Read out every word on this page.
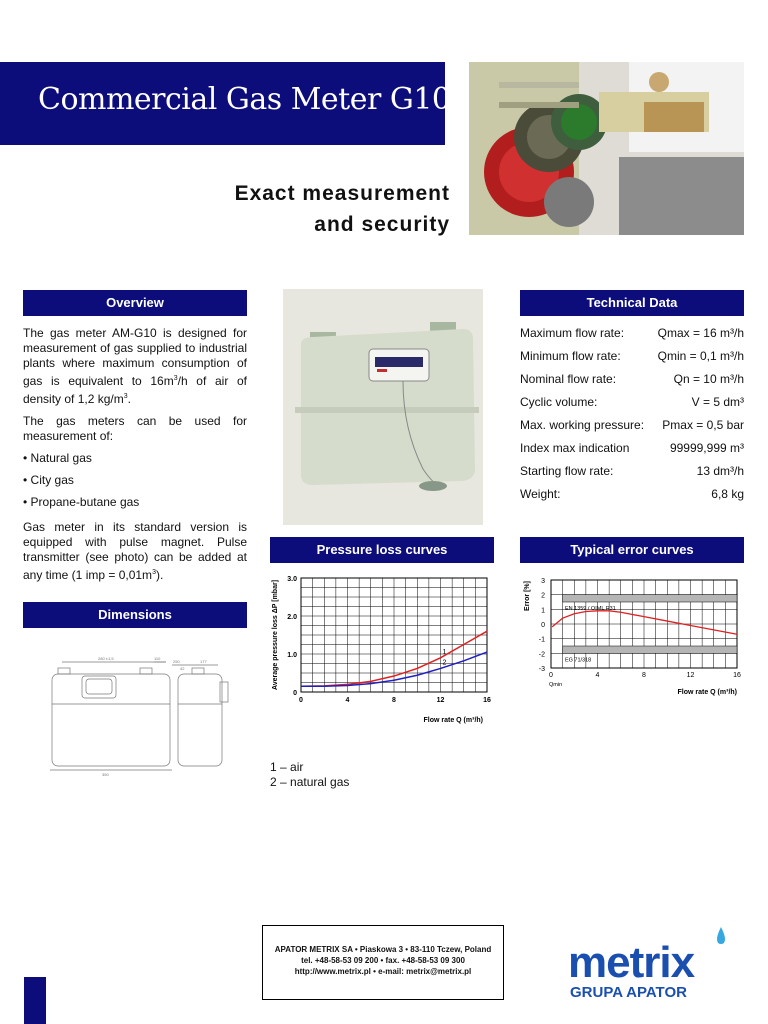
Commercial Gas Meter G10
Exact measurement
and security
Overview

The gas meter AM-G10 is designed for measurement of gas supplied to industrial plants where maximum consumption of gas is equivalent to $16m^3/h$ of air of density of 1,2 $kg/m^3$.

The gas meters can be used for measurement of:

• Natural gas
• City gas
• Propane-butane gas

Gas meter in its standard version is equipped with pulse magnet. Pulse transmitter (see photo) can be added at any time (1 imp = $0,01m^3$).

Technical Data
Maximum flow rate:	Qmax = 16 m³/h
Minimum flow rate:	Qmin = 0,1 m³/h
Nominal flow rate:	Qn = 10 m³/h
Cyclic volume:	V = 5 dm³
Max. working pressure: Pmax = 0,5 bar
Index max indication	99999,999 m³
Starting flow rate:	13 dm³/h
Weight:	6,8 kg
Dimensions
280 ±1,5	110
250	177
42
350
Pressure loss curves
0	4	8	12	16
0
1.0
2.0
3.0
Flow rate Q (m³/h)
Average pressure loss ΔP [mbar]	1
2
Typical error curves
EN 1359 / OIML R31
EG 71/318
0	4	8	12	16
3
2
1
0
-1
-2
-3
Qmin
Flow rate Q (m³/h)
Error [%]
1 – air
2 – natural gas
APATOR METRIX SA • Piaskowa 3 • 83-110 Tczew, Poland
tel. +48-58-53 09 200 • fax. +48-58-53 09 300
http://www.metrix.pl • e-mail: metrix@metrix.pl	metrix
GRUPA APATOR
